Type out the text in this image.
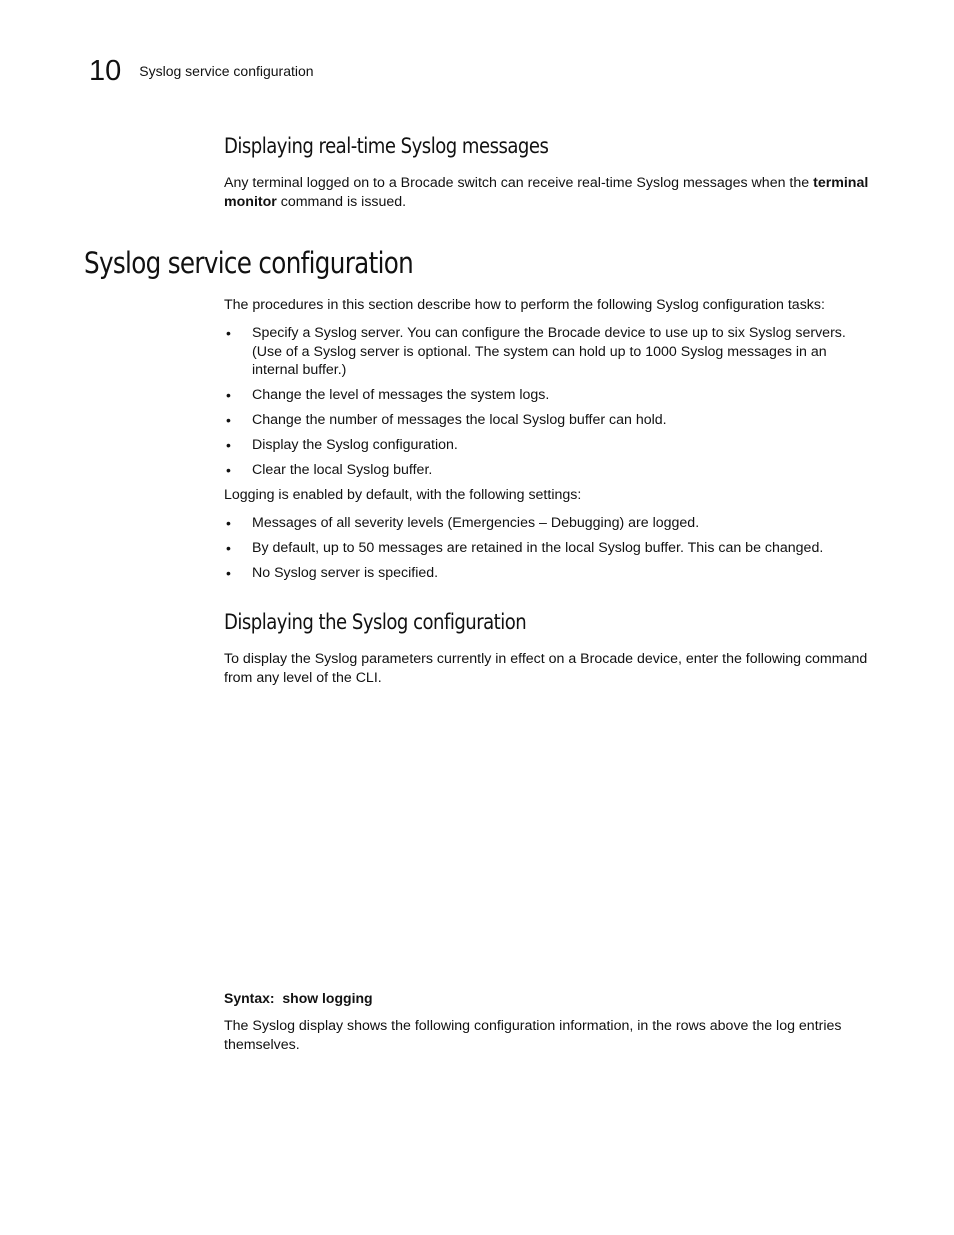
10 Syslog service configuration
Displaying real-time Syslog messages

Any terminal logged on to a Brocade switch can receive real-time Syslog messages when the terminal monitor command is issued.

Syslog service configuration

The procedures in this section describe how to perform the following Syslog configuration tasks:

• Specify a Syslog server. You can configure the Brocade device to use up to six Syslog servers. (Use of a Syslog server is optional. The system can hold up to 1000 Syslog messages in an internal buffer.)
• Change the level of messages the system logs.
• Change the number of messages the local Syslog buffer can hold.
• Display the Syslog configuration.
• Clear the local Syslog buffer.

Logging is enabled by default, with the following settings:

• Messages of all severity levels (Emergencies – Debugging) are logged.
• By default, up to 50 messages are retained in the local Syslog buffer. This can be changed.
• No Syslog server is specified.
Displaying the Syslog configuration

To display the Syslog parameters currently in effect on a Brocade device, enter the following command from any level of the CLI.

Syntax:  show logging

The Syslog display shows the following configuration information, in the rows above the log entries themselves.
